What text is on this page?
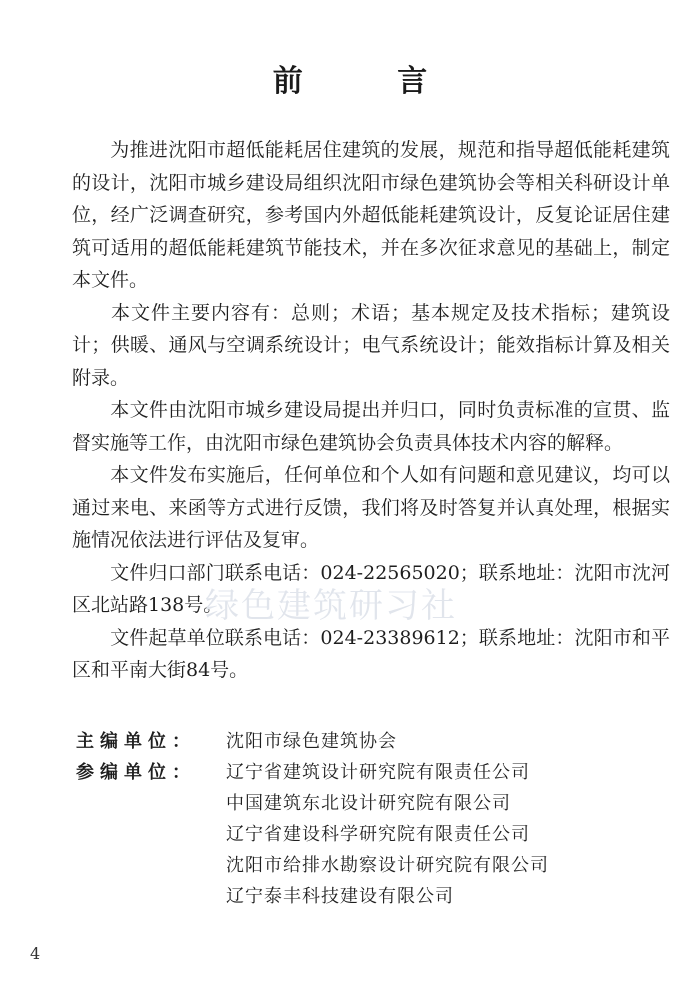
前 言

为推进沈阳市超低能耗居住建筑的发展，规范和指导超低能耗建筑的设计，沈阳市城乡建设局组织沈阳市绿色建筑协会等相关科研设计单位，经广泛调查研究，参考国内外超低能耗建筑设计，反复论证居住建筑可适用的超低能耗建筑节能技术，并在多次征求意见的基础上，制定本文件。

本文件主要内容有：总则；术语；基本规定及技术指标；建筑设计；供暖、通风与空调系统设计；电气系统设计；能效指标计算及相关附录。

本文件由沈阳市城乡建设局提出并归口，同时负责标准的宣贯、监督实施等工作，由沈阳市绿色建筑协会负责具体技术内容的解释。

本文件发布实施后，任何单位和个人如有问题和意见建议，均可以通过来电、来函等方式进行反馈，我们将及时答复并认真处理，根据实施情况依法进行评估及复审。

文件归口部门联系电话：024-22565020；联系地址：沈阳市沈河区北站路138号。

文件起草单位联系电话：024-23389612；联系地址：沈阳市和平区和平南大街84号。

绿色建筑研习社
主编单位：	沈阳市绿色建筑协会
参编单位：	辽宁省建筑设计研究院有限责任公司
中国建筑东北设计研究院有限公司
辽宁省建设科学研究院有限责任公司
沈阳市给排水勘察设计研究院有限公司
辽宁泰丰科技建设有限公司
4
